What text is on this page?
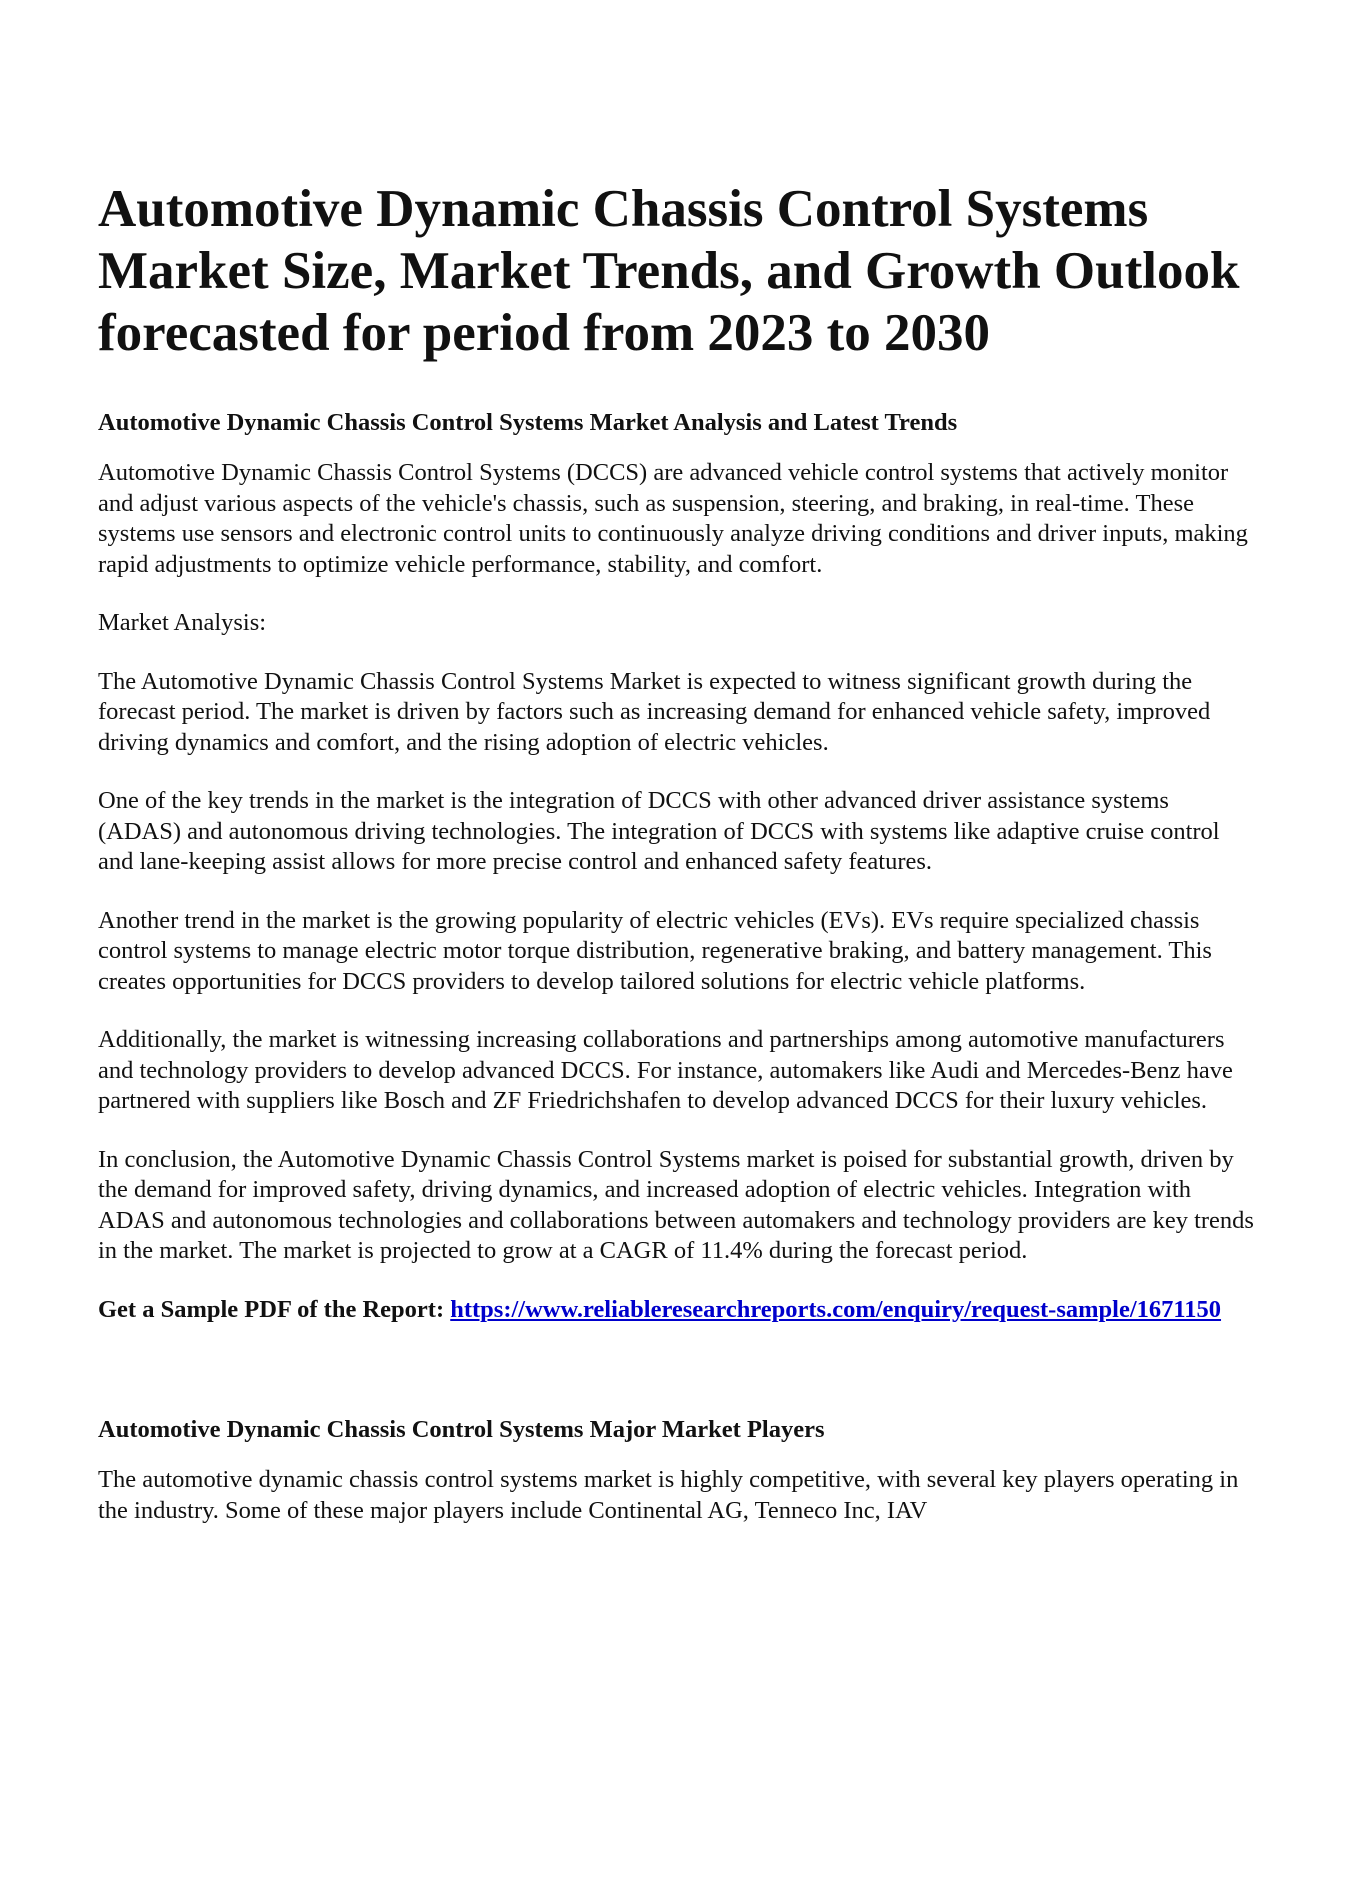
Automotive Dynamic Chassis Control Systems Market Size, Market Trends, and Growth Outlook forecasted for period from 2023 to 2030
Automotive Dynamic Chassis Control Systems Market Analysis and Latest Trends

Automotive Dynamic Chassis Control Systems (DCCS) are advanced vehicle control systems that actively monitor and adjust various aspects of the vehicle's chassis, such as suspension, steering, and braking, in real-time. These systems use sensors and electronic control units to continuously analyze driving conditions and driver inputs, making rapid adjustments to optimize vehicle performance, stability, and comfort.

Market Analysis:

The Automotive Dynamic Chassis Control Systems Market is expected to witness significant growth during the forecast period. The market is driven by factors such as increasing demand for enhanced vehicle safety, improved driving dynamics and comfort, and the rising adoption of electric vehicles.

One of the key trends in the market is the integration of DCCS with other advanced driver assistance systems (ADAS) and autonomous driving technologies. The integration of DCCS with systems like adaptive cruise control and lane-keeping assist allows for more precise control and enhanced safety features.

Another trend in the market is the growing popularity of electric vehicles (EVs). EVs require specialized chassis control systems to manage electric motor torque distribution, regenerative braking, and battery management. This creates opportunities for DCCS providers to develop tailored solutions for electric vehicle platforms.

Additionally, the market is witnessing increasing collaborations and partnerships among automotive manufacturers and technology providers to develop advanced DCCS. For instance, automakers like Audi and Mercedes-Benz have partnered with suppliers like Bosch and ZF Friedrichshafen to develop advanced DCCS for their luxury vehicles.

In conclusion, the Automotive Dynamic Chassis Control Systems market is poised for substantial growth, driven by the demand for improved safety, driving dynamics, and increased adoption of electric vehicles. Integration with ADAS and autonomous technologies and collaborations between automakers and technology providers are key trends in the market. The market is projected to grow at a CAGR of 11.4% during the forecast period.

Get a Sample PDF of the Report: https://www.reliableresearchreports.com/enquiry/request-sample/1671150

Automotive Dynamic Chassis Control Systems Major Market Players

The automotive dynamic chassis control systems market is highly competitive, with several key players operating in the industry. Some of these major players include Continental AG, Tenneco Inc, IAV
